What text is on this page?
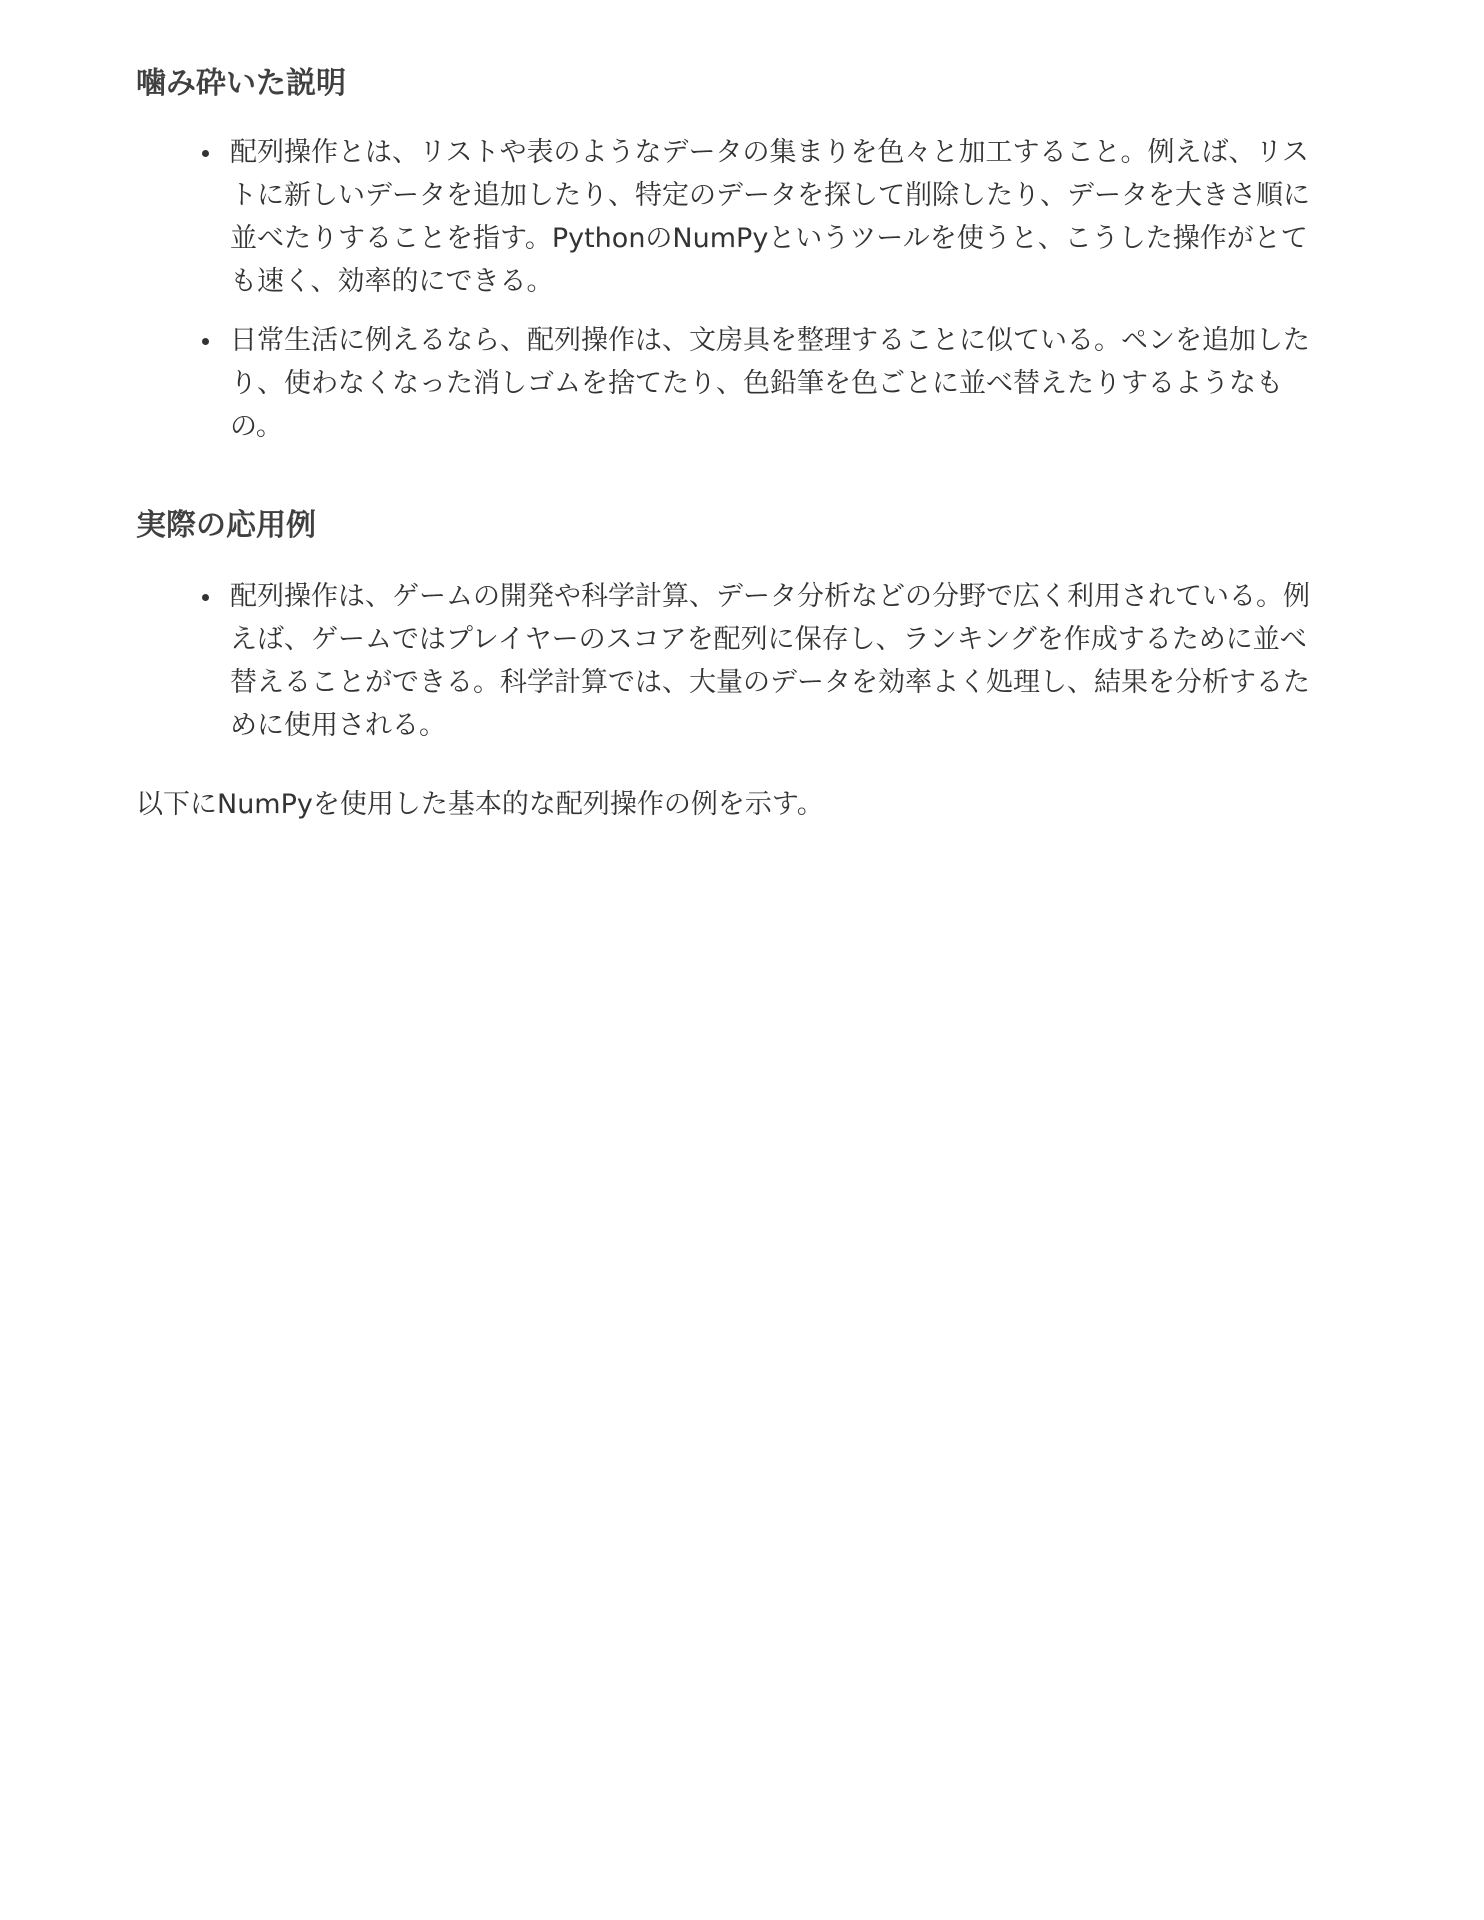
噛み砕いた説明
配列操作とは、リストや表のようなデータの集まりを色々と加工すること。例えば、リストに新しいデータを追加したり、特定のデータを探して削除したり、データを大きさ順に並べたりすることを指す。PythonのNumPyというツールを使うと、こうした操作がとても速く、効率的にできる。
日常生活に例えるなら、配列操作は、文房具を整理することに似ている。ペンを追加したり、使わなくなった消しゴムを捨てたり、色鉛筆を色ごとに並べ替えたりするようなもの。
実際の応用例
配列操作は、ゲームの開発や科学計算、データ分析などの分野で広く利用されている。例えば、ゲームではプレイヤーのスコアを配列に保存し、ランキングを作成するために並べ替えることができる。科学計算では、大量のデータを効率よく処理し、結果を分析するために使用される。

以下にNumPyを使用した基本的な配列操作の例を示す。
